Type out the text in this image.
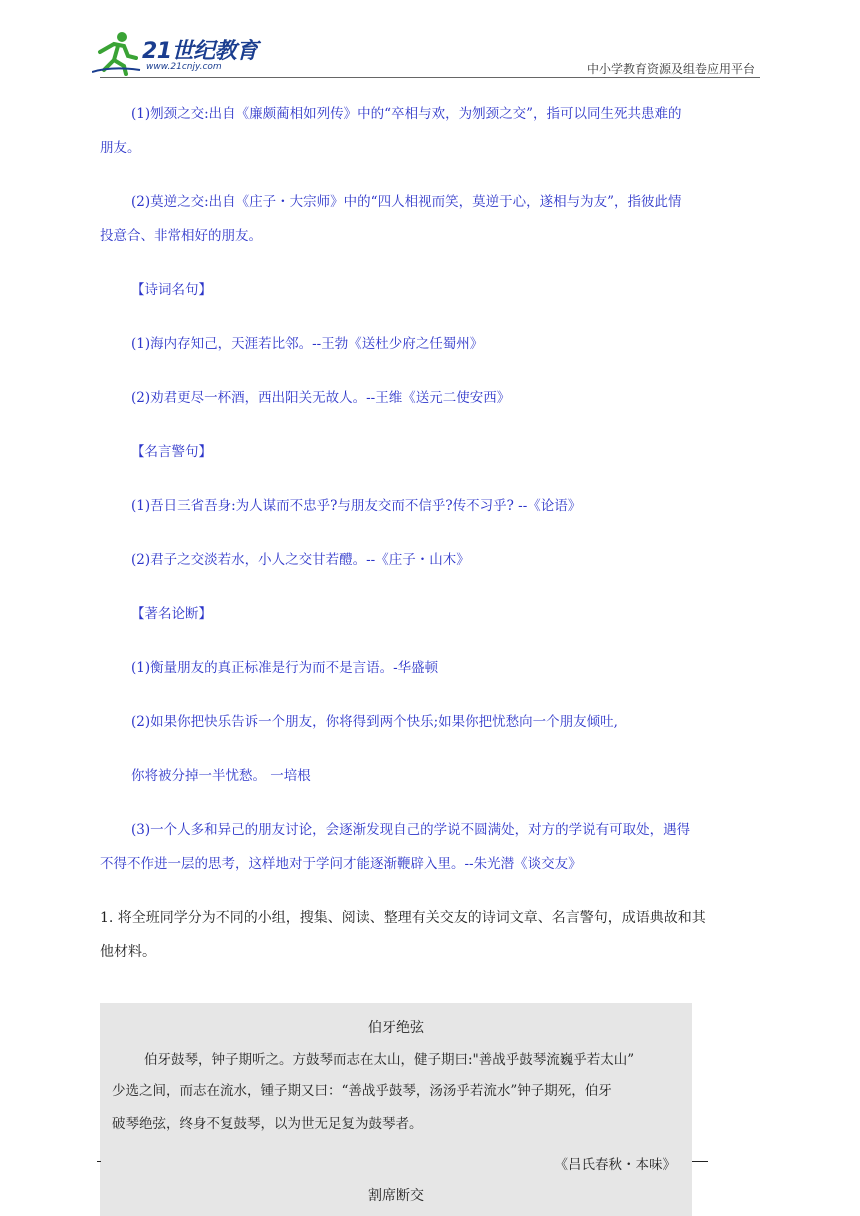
21世纪教育
www.21cnjy.com	中小学教育资源及组卷应用平台
(1)刎颈之交:出自《廉颇蔺相如列传》中的“卒相与欢，为刎颈之交”，指可以同生死共患难的
朋友。
(2)莫逆之交:出自《庄子・大宗师》中的“四人相视而笑，莫逆于心，遂相与为友”，指彼此情
投意合、非常相好的朋友。
【诗词名句】
(1)海内存知己，天涯若比邻。--王勃《送杜少府之任蜀州》
(2)劝君更尽一杯酒，西出阳关无故人。--王维《送元二使安西》
【名言警句】
(1)吾日三省吾身:为人谋而不忠乎?与朋友交而不信乎?传不习乎? --《论语》
(2)君子之交淡若水，小人之交甘若醴。--《庄子・山木》
【著名论断】
(1)衡量朋友的真正标准是行为而不是言语。-华盛顿
(2)如果你把快乐告诉一个朋友，你将得到两个快乐;如果你把忧愁向一个朋友倾吐,
你将被分掉一半忧愁。 一培根
(3)一个人多和异己的朋友讨论，会逐渐发现自己的学说不圆满处，对方的学说有可取处，遇得
不得不作进一层的思考，这样地对于学问才能逐渐鞭辟入里。--朱光潜《谈交友》
1. 将全班同学分为不同的小组，搜集、阅读、整理有关交友的诗词文章、名言警句，成语典故和其
他材料。
伯牙绝弦
伯牙鼓琴，钟子期听之。方鼓琴而志在太山，健子期曰:"善战乎鼓琴流巍乎若太山”
少选之间，而志在流水，锺子期又曰：“善战乎鼓琴，汤汤乎若流水”钟子期死，伯牙
破琴绝弦，终身不复鼓琴，以为世无足复为鼓琴者。
《吕氏春秋・本味》
割席断交
